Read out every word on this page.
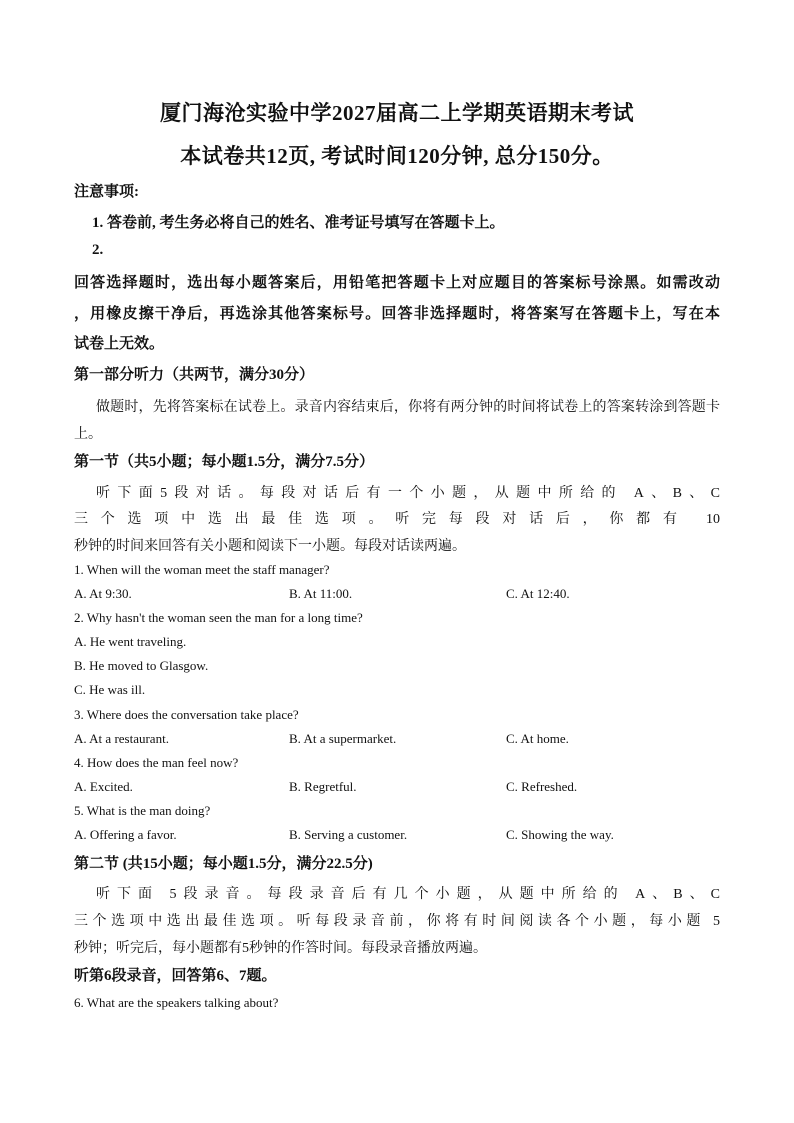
厦门海沧实验中学2027届高二上学期英语期末考试
本试卷共12页, 考试时间120分钟, 总分150分。
注意事项:
1. 答卷前, 考生务必将自己的姓名、准考证号填写在答题卡上。
2.
回答选择题时，选出每小题答案后，用铅笔把答题卡上对应题目的答案标号涂黑。如需改动
，用橡皮擦干净后，再选涂其他答案标号。回答非选择题时，将答案写在答题卡上，写在本
试卷上无效。
第一部分听力（共两节，满分30分）
做题时，先将答案标在试卷上。录音内容结束后，你将有两分钟的时间将试卷上的答案转涂到答题卡
上。
第一节（共5小题；每小题1.5分，满分7.5分）
听下面5段对话。每段对话后有一个小题，从题中所给的 A、B、C
三个选项中选出最佳选项。听完每段对话后，你都有 10
秒钟的时间来回答有关小题和阅读下一小题。每段对话读两遍。
1. When will the woman meet the staff manager?
A. At 9:30.	B. At 11:00.	C. At 12:40.
2. Why hasn't the woman seen the man for a long time?
A. He went traveling.
B. He moved to Glasgow.
C. He was ill.
3. Where does the conversation take place?
A. At a restaurant.	B. At a supermarket.	C. At home.
4. How does the man feel now?
A. Excited.	B. Regretful.	C. Refreshed.
5. What is the man doing?
A. Offering a favor.	B. Serving a customer.	C. Showing the way.
第二节 (共15小题；每小题1.5分，满分22.5分)
听下面 5段录音。每段录音后有几个小题，从题中所给的 A、B、C
三个选项中选出最佳选项。听每段录音前，你将有时间阅读各个小题，每小题 5
秒钟；听完后，每小题都有5秒钟的作答时间。每段录音播放两遍。
听第6段录音，回答第6、7题。
6. What are the speakers talking about?
